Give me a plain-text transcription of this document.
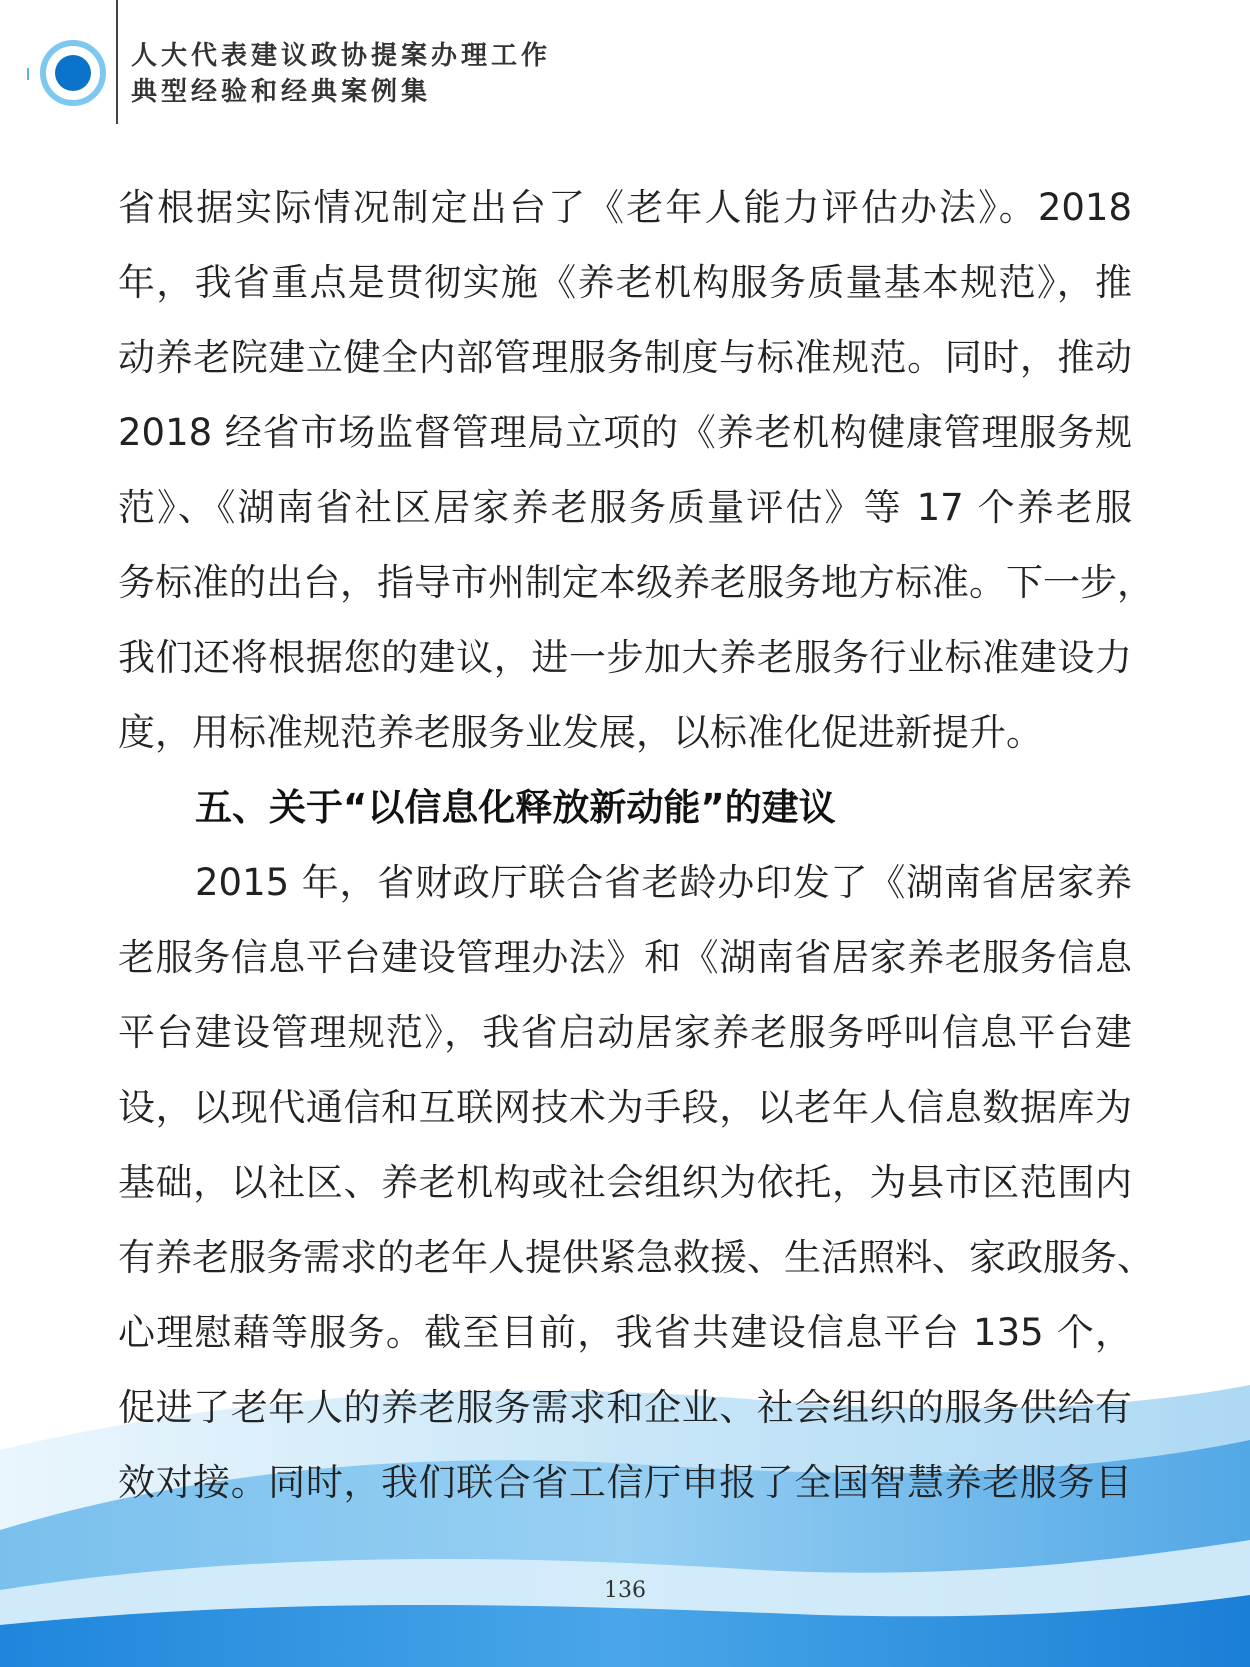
人大代表建议政协提案办理工作
典型经验和经典案例集
省根据实际情况制定出台了《老年人能力评估办法》。2018
年，我省重点是贯彻实施《养老机构服务质量基本规范》，推
动养老院建立健全内部管理服务制度与标准规范。同时，推动
2018 经省市场监督管理局立项的《养老机构健康管理服务规
范》、《湖南省社区居家养老服务质量评估》等 17 个养老服
务标准的出台，指导市州制定本级养老服务地方标准。下一步，
我们还将根据您的建议，进一步加大养老服务行业标准建设力
度，用标准规范养老服务业发展，以标准化促进新提升。
五、关于“以信息化释放新动能”的建议
2015 年，省财政厅联合省老龄办印发了《湖南省居家养
老服务信息平台建设管理办法》和《湖南省居家养老服务信息
平台建设管理规范》，我省启动居家养老服务呼叫信息平台建
设，以现代通信和互联网技术为手段，以老年人信息数据库为
基础，以社区、养老机构或社会组织为依托，为县市区范围内
有养老服务需求的老年人提供紧急救援、生活照料、家政服务、
心理慰藉等服务。截至目前，我省共建设信息平台 135 个，
促进了老年人的养老服务需求和企业、社会组织的服务供给有
效对接。同时，我们联合省工信厅申报了全国智慧养老服务目
136
